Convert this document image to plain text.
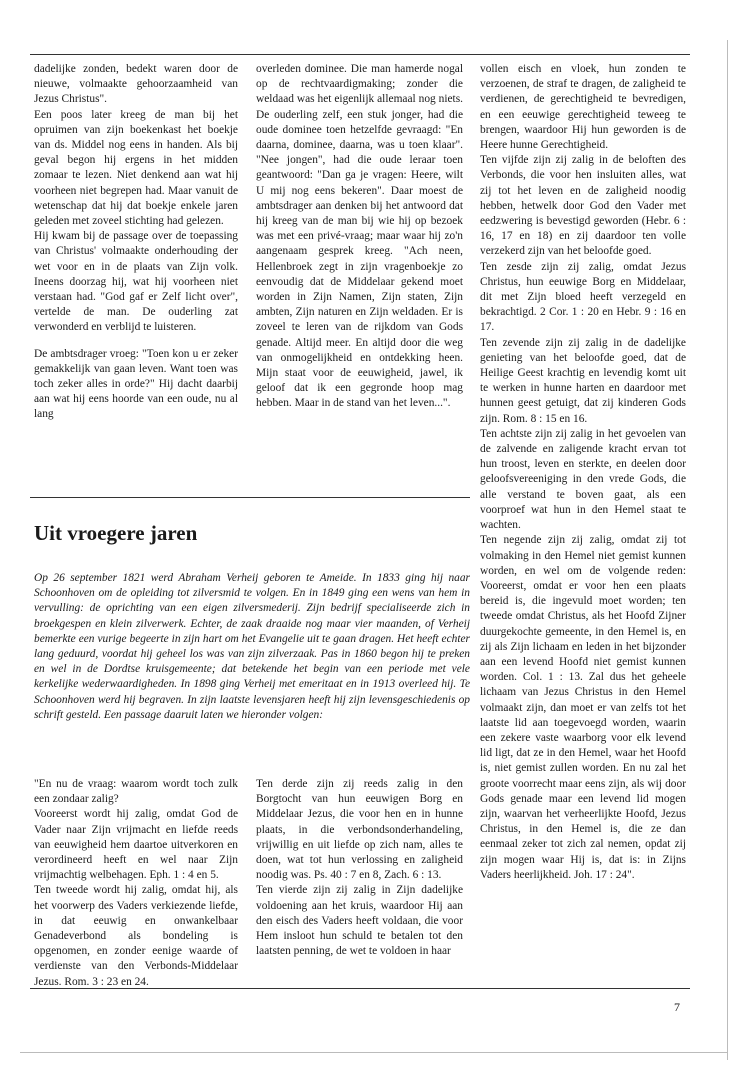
dadelijke zonden, bedekt waren door de nieuwe, volmaakte gehoorzaamheid van Jezus Christus".

Een poos later kreeg de man bij het opruimen van zijn boekenkast het boekje van ds. Middel nog eens in handen. Als bij geval begon hij ergens in het midden zomaar te lezen. Niet denkend aan wat hij voorheen niet begrepen had. Maar vanuit de wetenschap dat hij dat boekje enkele jaren geleden met zoveel stichting had gelezen.

Hij kwam bij de passage over de toepassing van Christus' volmaakte onderhouding der wet voor en in de plaats van Zijn volk. Ineens doorzag hij, wat hij voorheen niet verstaan had. "God gaf er Zelf licht over", vertelde de man. De ouderling zat verwonderd en verblijd te luisteren.

De ambtsdrager vroeg: "Toen kon u er zeker gemakkelijk van gaan leven. Want toen was toch zeker alles in orde?" Hij dacht daarbij aan wat hij eens hoorde van een oude, nu al lang

overleden dominee. Die man hamerde nogal op de rechtvaardigmaking; zonder die weldaad was het eigenlijk allemaal nog niets. De ouderling zelf, een stuk jonger, had die oude dominee toen hetzelfde gevraagd: "En daarna, dominee, daarna, was u toen klaar". "Nee jongen", had die oude leraar toen geantwoord: "Dan ga je vragen: Heere, wilt U mij nog eens bekeren". Daar moest de ambtsdrager aan denken bij het antwoord dat hij kreeg van de man bij wie hij op bezoek was met een privé-vraag; maar waar hij zo'n aangenaam gesprek kreeg. "Ach neen, Hellenbroek zegt in zijn vragenboekje zo eenvoudig dat de Middelaar gekend moet worden in Zijn Namen, Zijn staten, Zijn ambten, Zijn naturen en Zijn weldaden. Er is zoveel te leren van de rijkdom van Gods genade. Altijd meer. En altijd door die weg van onmogelijkheid en ontdekking heen. Mijn staat voor de eeuwigheid, jawel, ik geloof dat ik een gegronde hoop mag hebben. Maar in de stand van het leven...".

Uit vroegere jaren

Op 26 september 1821 werd Abraham Verheij geboren te Ameide. In 1833 ging hij naar Schoonhoven om de opleiding tot zilversmid te volgen. En in 1849 ging een wens van hem in vervulling: de oprichting van een eigen zilversmederij. Zijn bedrijf specialiseerde zich in broekgespen en klein zilverwerk. Echter, de zaak draaide nog maar vier maanden, of Verheij bemerkte een vurige begeerte in zijn hart om het Evangelie uit te gaan dragen. Het heeft echter lang geduurd, voordat hij geheel los was van zijn zilverzaak. Pas in 1860 begon hij te preken en wel in de Dordtse kruisgemeente; dat betekende het begin van een periode met vele kerkelijke wederwaardigheden. In 1898 ging Verheij met emeritaat en in 1913 overleed hij. Te Schoonhoven werd hij begraven. In zijn laatste levensjaren heeft hij zijn levensgeschiedenis op schrift gesteld. Een passage daaruit laten we hieronder volgen:

"En nu de vraag: waarom wordt toch zulk een zondaar zalig?

Vooreerst wordt hij zalig, omdat God de Vader naar Zijn vrijmacht en liefde reeds van eeuwigheid hem daartoe uitverkoren en verordineerd heeft en wel naar Zijn vrijmachtig welbehagen. Eph. 1 : 4 en 5.

Ten tweede wordt hij zalig, omdat hij, als het voorwerp des Vaders verkiezende liefde, in dat eeuwig en onwankelbaar Genadeverbond als bondeling is opgenomen, en zonder eenige waarde of verdienste van den Verbonds-Middelaar Jezus. Rom. 3 : 23 en 24.

Ten derde zijn zij reeds zalig in den Borgtocht van hun eeuwigen Borg en Middelaar Jezus, die voor hen en in hunne plaats, in die verbondsonderhandeling, vrijwillig en uit liefde op zich nam, alles te doen, wat tot hun verlossing en zaligheid noodig was. Ps. 40 : 7 en 8, Zach. 6 : 13.

Ten vierde zijn zij zalig in Zijn dadelijke voldoening aan het kruis, waardoor Hij aan den eisch des Vaders heeft voldaan, die voor Hem insloot hun schuld te betalen tot den laatsten penning, de wet te voldoen in haar

vollen eisch en vloek, hun zonden te verzoenen, de straf te dragen, de zaligheid te verdienen, de gerechtigheid te bevredigen, en een eeuwige gerechtigheid teweeg te brengen, waardoor Hij hun geworden is de Heere hunne Gerechtigheid.

Ten vijfde zijn zij zalig in de beloften des Verbonds, die voor hen insluiten alles, wat zij tot het leven en de zaligheid noodig hebben, hetwelk door God den Vader met eedzwering is bevestigd geworden (Hebr. 6 : 16, 17 en 18) en zij daardoor ten volle verzekerd zijn van het beloofde goed.

Ten zesde zijn zij zalig, omdat Jezus Christus, hun eeuwige Borg en Middelaar, dit met Zijn bloed heeft verzegeld en bekrachtigd. 2 Cor. 1 : 20 en Hebr. 9 : 16 en 17.

Ten zevende zijn zij zalig in de dadelijke genieting van het beloofde goed, dat de Heilige Geest krachtig en levendig komt uit te werken in hunne harten en daardoor met hunnen geest getuigt, dat zij kinderen Gods zijn. Rom. 8 : 15 en 16.

Ten achtste zijn zij zalig in het gevoelen van de zalvende en zaligende kracht ervan tot hun troost, leven en sterkte, en deelen door geloofsvereeniging in den vrede Gods, die alle verstand te boven gaat, als een voorproef wat hun in den Hemel staat te wachten.

Ten negende zijn zij zalig, omdat zij tot volmaking in den Hemel niet gemist kunnen worden, en wel om de volgende reden: Vooreerst, omdat er voor hen een plaats bereid is, die ingevuld moet worden; ten tweede omdat Christus, als het Hoofd Zijner duurgekochte gemeente, in den Hemel is, en zij als Zijn lichaam en leden in het bijzonder aan een levend Hoofd niet gemist kunnen worden. Col. 1 : 13. Zal dus het geheele lichaam van Jezus Christus in den Hemel volmaakt zijn, dan moet er van zelfs tot het laatste lid aan toegevoegd worden, waarin een zekere vaste waarborg voor elk levend lid ligt, dat ze in den Hemel, waar het Hoofd is, niet gemist zullen worden. En nu zal het groote voorrecht maar eens zijn, als wij door Gods genade maar een levend lid mogen zijn, waarvan het verheerlijkte Hoofd, Jezus Christus, in den Hemel is, die ze dan eenmaal zeker tot zich zal nemen, opdat zij zijn mogen waar Hij is, dat is: in Zijns Vaders heerlijkheid. Joh. 17 : 24".

7
